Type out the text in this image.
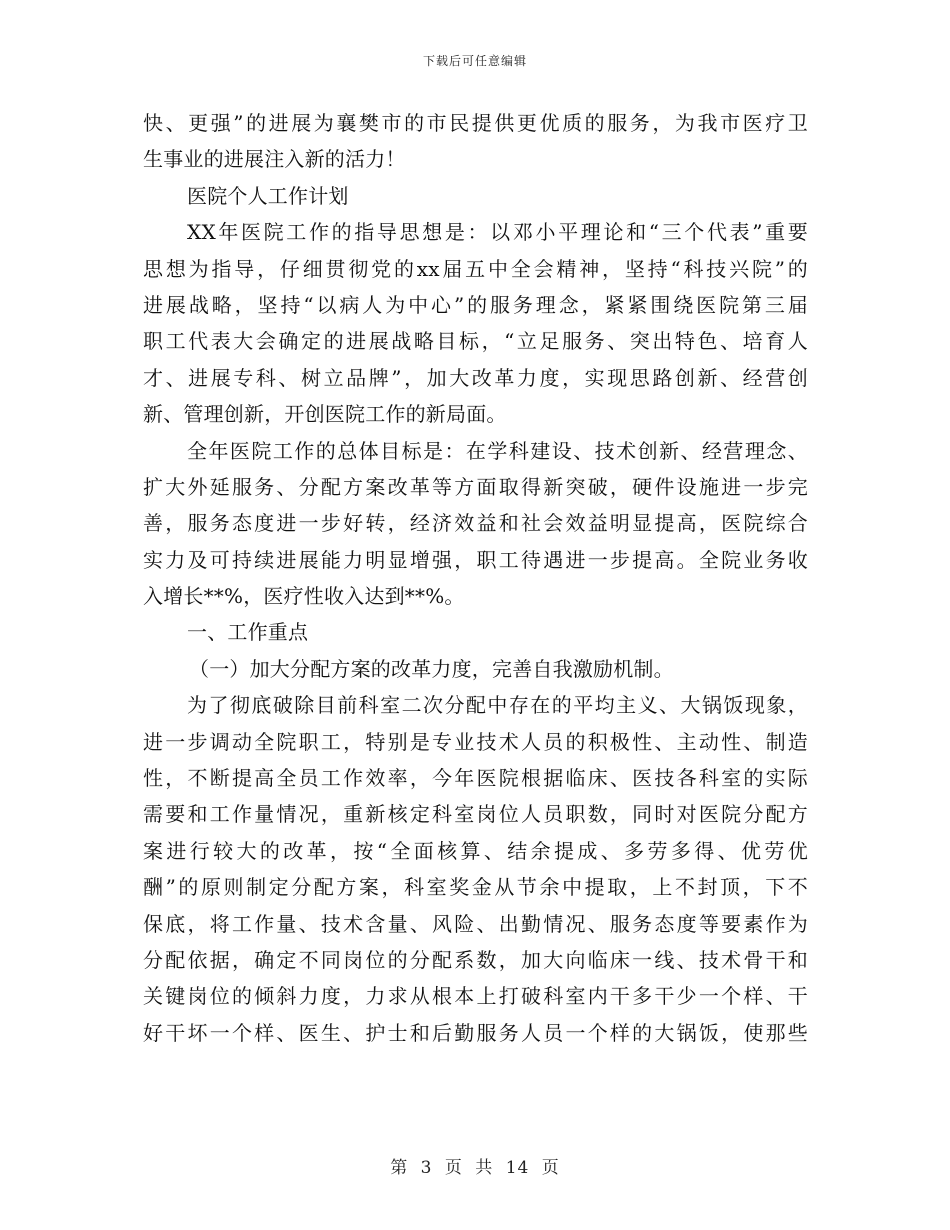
下载后可任意编辑
快、更强”的进展为襄樊市的市民提供更优质的服务，为我市医疗卫
生事业的进展注入新的活力！
医院个人工作计划
XX年医院工作的指导思想是：以邓小平理论和“三个代表”重要
思想为指导，仔细贯彻党的xx届五中全会精神，坚持“科技兴院”的
进展战略，坚持“以病人为中心”的服务理念，紧紧围绕医院第三届
职工代表大会确定的进展战略目标，“立足服务、突出特色、培育人
才、进展专科、树立品牌”，加大改革力度，实现思路创新、经营创
新、管理创新，开创医院工作的新局面。
全年医院工作的总体目标是：在学科建设、技术创新、经营理念、
扩大外延服务、分配方案改革等方面取得新突破，硬件设施进一步完
善，服务态度进一步好转，经济效益和社会效益明显提高，医院综合
实力及可持续进展能力明显增强，职工待遇进一步提高。全院业务收
入增长**%，医疗性收入达到**%。
一、工作重点
（一）加大分配方案的改革力度，完善自我激励机制。
为了彻底破除目前科室二次分配中存在的平均主义、大锅饭现象，
进一步调动全院职工，特别是专业技术人员的积极性、主动性、制造
性，不断提高全员工作效率，今年医院根据临床、医技各科室的实际
需要和工作量情况，重新核定科室岗位人员职数，同时对医院分配方
案进行较大的改革，按“全面核算、结余提成、多劳多得、优劳优
酬”的原则制定分配方案，科室奖金从节余中提取，上不封顶，下不
保底，将工作量、技术含量、风险、出勤情况、服务态度等要素作为
分配依据，确定不同岗位的分配系数，加大向临床一线、技术骨干和
关键岗位的倾斜力度，力求从根本上打破科室内干多干少一个样、干
好干坏一个样、医生、护士和后勤服务人员一个样的大锅饭，使那些
第 3 页 共 14 页
